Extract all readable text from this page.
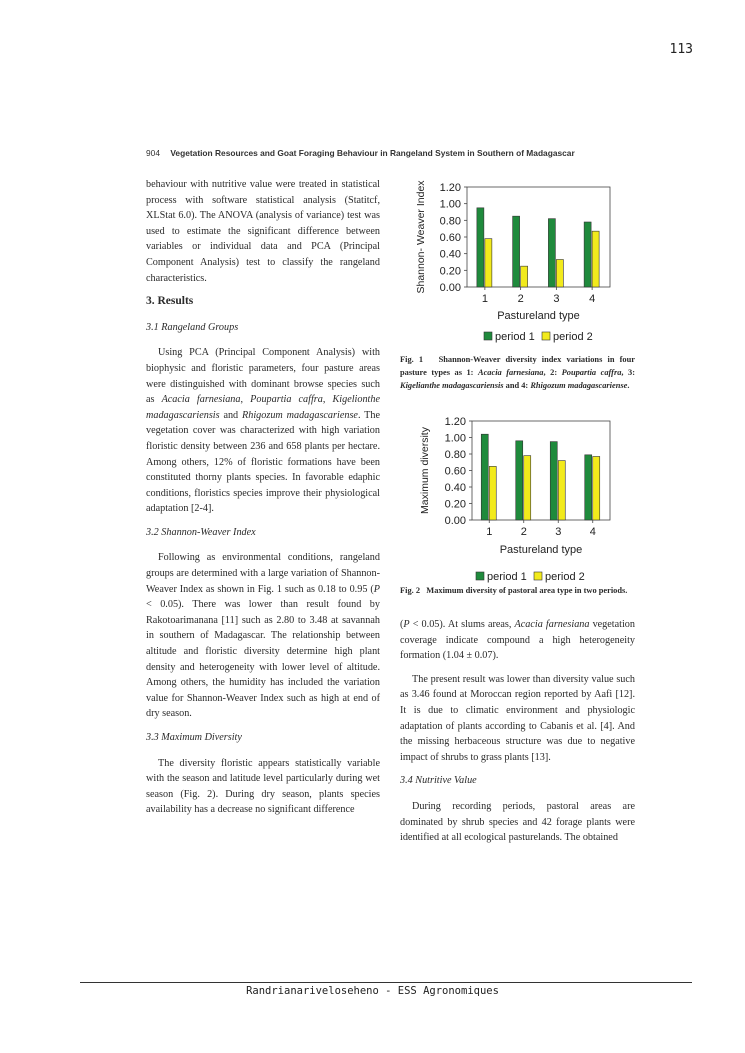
113
904 Vegetation Resources and Goat Foraging Behaviour in Rangeland System in Southern of Madagascar

behaviour with nutritive value were treated in statistical process with software statistical analysis (Statitcf, XLStat 6.0). The ANOVA (analysis of variance) test was used to estimate the significant difference between variables or individual data and PCA (Principal Component Analysis) test to classify the rangeland characteristics.

3. Results
3.1 Rangeland Groups

Using PCA (Principal Component Analysis) with biophysic and floristic parameters, four pasture areas were distinguished with dominant browse species such as Acacia farnesiana, Poupartia caffra, Kigelionthe madagascariensis and Rhigozum madagascariense. The vegetation cover was characterized with high variation floristic density between 236 and 658 plants per hectare. Among others, 12% of floristic formations have been constituted thorny plants species. In favorable edaphic conditions, floristics species improve their physiological adaptation [2-4].

3.2 Shannon-Weaver Index

Following as environmental conditions, rangeland groups are determined with a large variation of Shannon-Weaver Index as shown in Fig. 1 such as 0.18 to 0.95 (P < 0.05). There was lower than result found by Rakotoarimanana [11] such as 2.80 to 3.48 at savannah in southern of Madagascar. The relationship between altitude and floristic diversity determine high plant density and heterogeneity with lower level of altitude. Among others, the humidity has included the variation value for Shannon-Weaver Index such as high at end of dry season.

3.3 Maximum Diversity

The diversity floristic appears statistically variable with the season and latitude level particularly during wet season (Fig. 2). During dry season, plants species availability has a decrease no significant difference

0.00
0.20
0.40
0.60
0.80
1.00
1.20
Shannon- Weaver Index
1	2	3	4
Pastureland type
period 1 period 2
Fig. 1 Shannon-Weaver diversity index variations in four pasture types as 1: Acacia farnesiana, 2: Poupartia caffra, 3: Kigelianthe madagascariensis and 4: Rhigozum madagascariense.
0.00
0.20
0.40
0.60
0.80
1.00
1.20
Maximum diversity
1	2	3	4
Pastureland type
period 1 period 2
Fig. 2 Maximum diversity of pastoral area type in two periods.

(P < 0.05). At slums areas, Acacia farnesiana vegetation coverage indicate compound a high heterogeneity formation (1.04 ± 0.07).

The present result was lower than diversity value such as 3.46 found at Moroccan region reported by Aafi [12]. It is due to climatic environment and physiologic adaptation of plants according to Cabanis et al. [4]. And the missing herbaceous structure was due to negative impact of shrubs to grass plants [13].

3.4 Nutritive Value

During recording periods, pastoral areas are dominated by shrub species and 42 forage plants were identified at all ecological pasturelands. The obtained

Randrianariveloseheno - ESS Agronomiques
